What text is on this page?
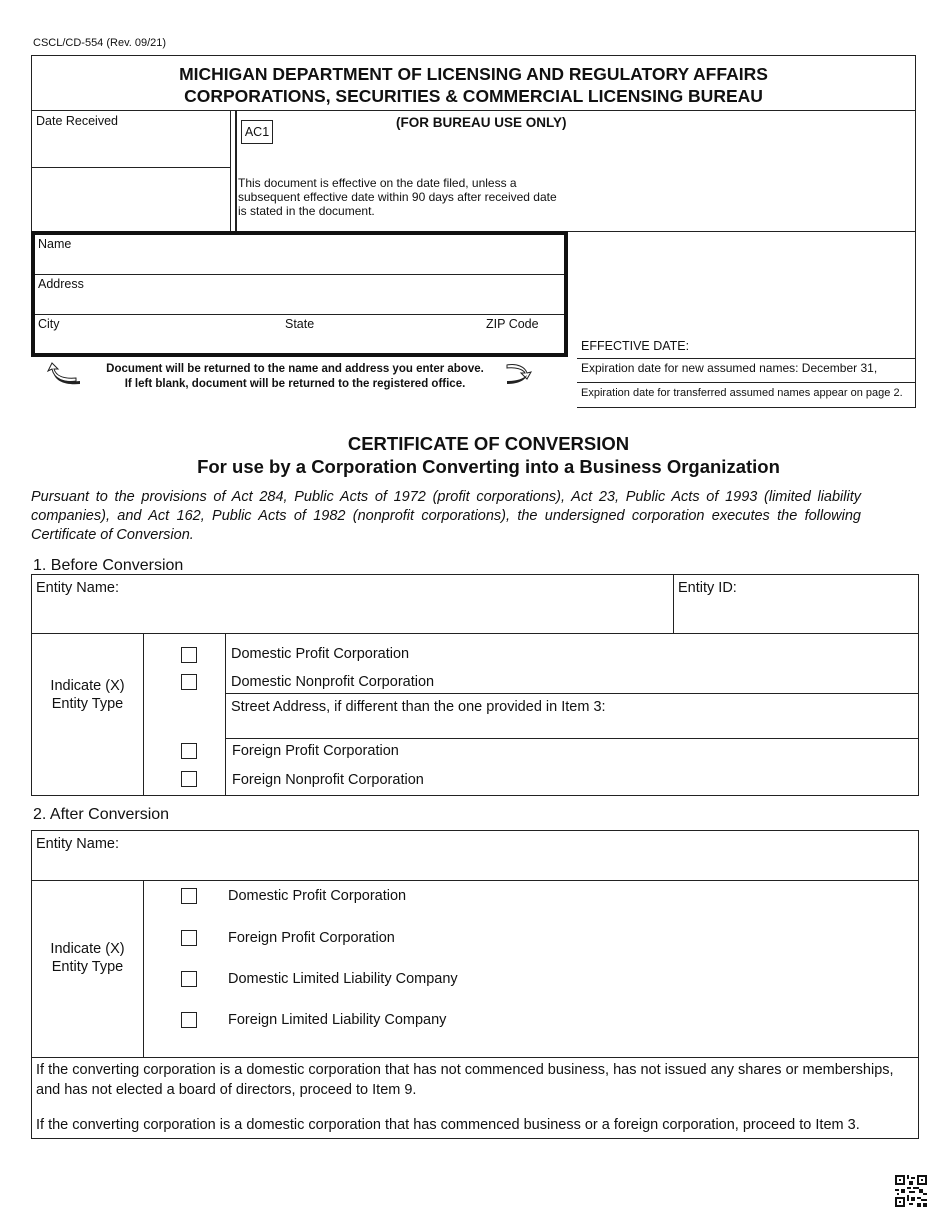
CSCL/CD-554 (Rev. 09/21)
MICHIGAN DEPARTMENT OF LICENSING AND REGULATORY AFFAIRS
CORPORATIONS, SECURITIES & COMMERCIAL LICENSING BUREAU
Date Received
AC1
(FOR BUREAU USE ONLY)
This document is effective on the date filed, unless a subsequent effective date within 90 days after received date is stated in the document.
EFFECTIVE DATE:
Expiration date for new assumed names: December 31,
Expiration date for transferred assumed names appear on page 2.
Name
Address
City	State	ZIP Code
Document will be returned to the name and address you enter above.
If left blank, document will be returned to the registered office.
CERTIFICATE OF CONVERSION
For use by a Corporation Converting into a Business Organization
Pursuant to the provisions of Act 284, Public Acts of 1972 (profit corporations), Act 23, Public Acts of 1993 (limited liability companies), and Act 162, Public Acts of 1982 (nonprofit corporations), the undersigned corporation executes the following Certificate of Conversion.
1. Before Conversion
Entity Name:	Entity ID:
Indicate (X)
Entity Type
Domestic Profit Corporation
Domestic Nonprofit Corporation
Street Address, if different than the one provided in Item 3:
Foreign Profit Corporation
Foreign Nonprofit Corporation
2. After Conversion
Entity Name:
Indicate (X)
Entity Type
Domestic Profit Corporation
Foreign Profit Corporation
Domestic Limited Liability Company
Foreign Limited Liability Company
If the converting corporation is a domestic corporation that has not commenced business, has not issued any shares or memberships, and has not elected a board of directors, proceed to Item 9.
If the converting corporation is a domestic corporation that has commenced business or a foreign corporation, proceed to Item 3.
